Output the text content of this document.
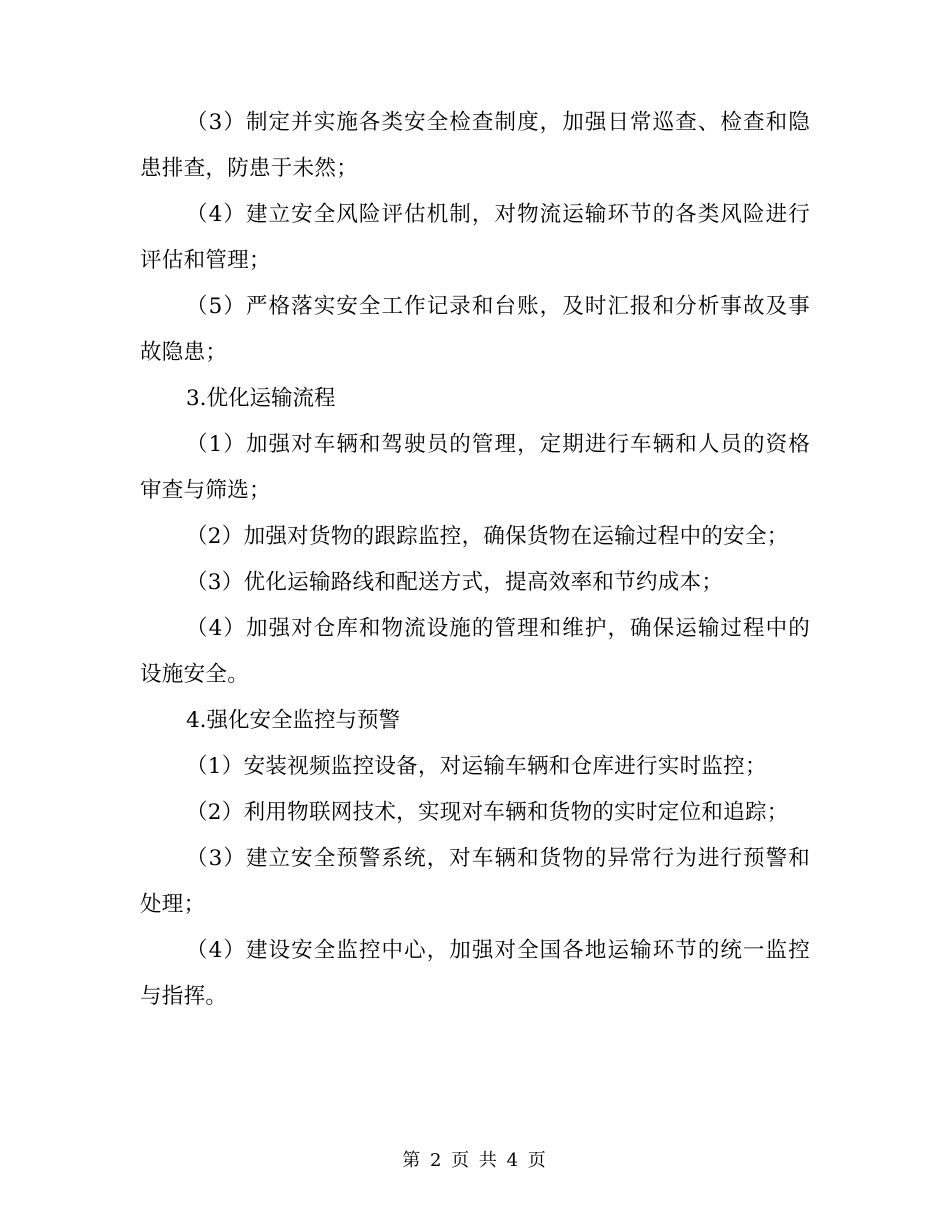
（3）制定并实施各类安全检查制度，加强日常巡查、检查和隐患排查，防患于未然；

（4）建立安全风险评估机制，对物流运输环节的各类风险进行评估和管理；

（5）严格落实安全工作记录和台账，及时汇报和分析事故及事故隐患；

3.优化运输流程

（1）加强对车辆和驾驶员的管理，定期进行车辆和人员的资格审查与筛选；

（2）加强对货物的跟踪监控，确保货物在运输过程中的安全；

（3）优化运输路线和配送方式，提高效率和节约成本；

（4）加强对仓库和物流设施的管理和维护，确保运输过程中的设施安全。

4.强化安全监控与预警

（1）安装视频监控设备，对运输车辆和仓库进行实时监控；

（2）利用物联网技术，实现对车辆和货物的实时定位和追踪；

（3）建立安全预警系统，对车辆和货物的异常行为进行预警和处理；

（4）建设安全监控中心，加强对全国各地运输环节的统一监控与指挥。

第 2 页 共 4 页
